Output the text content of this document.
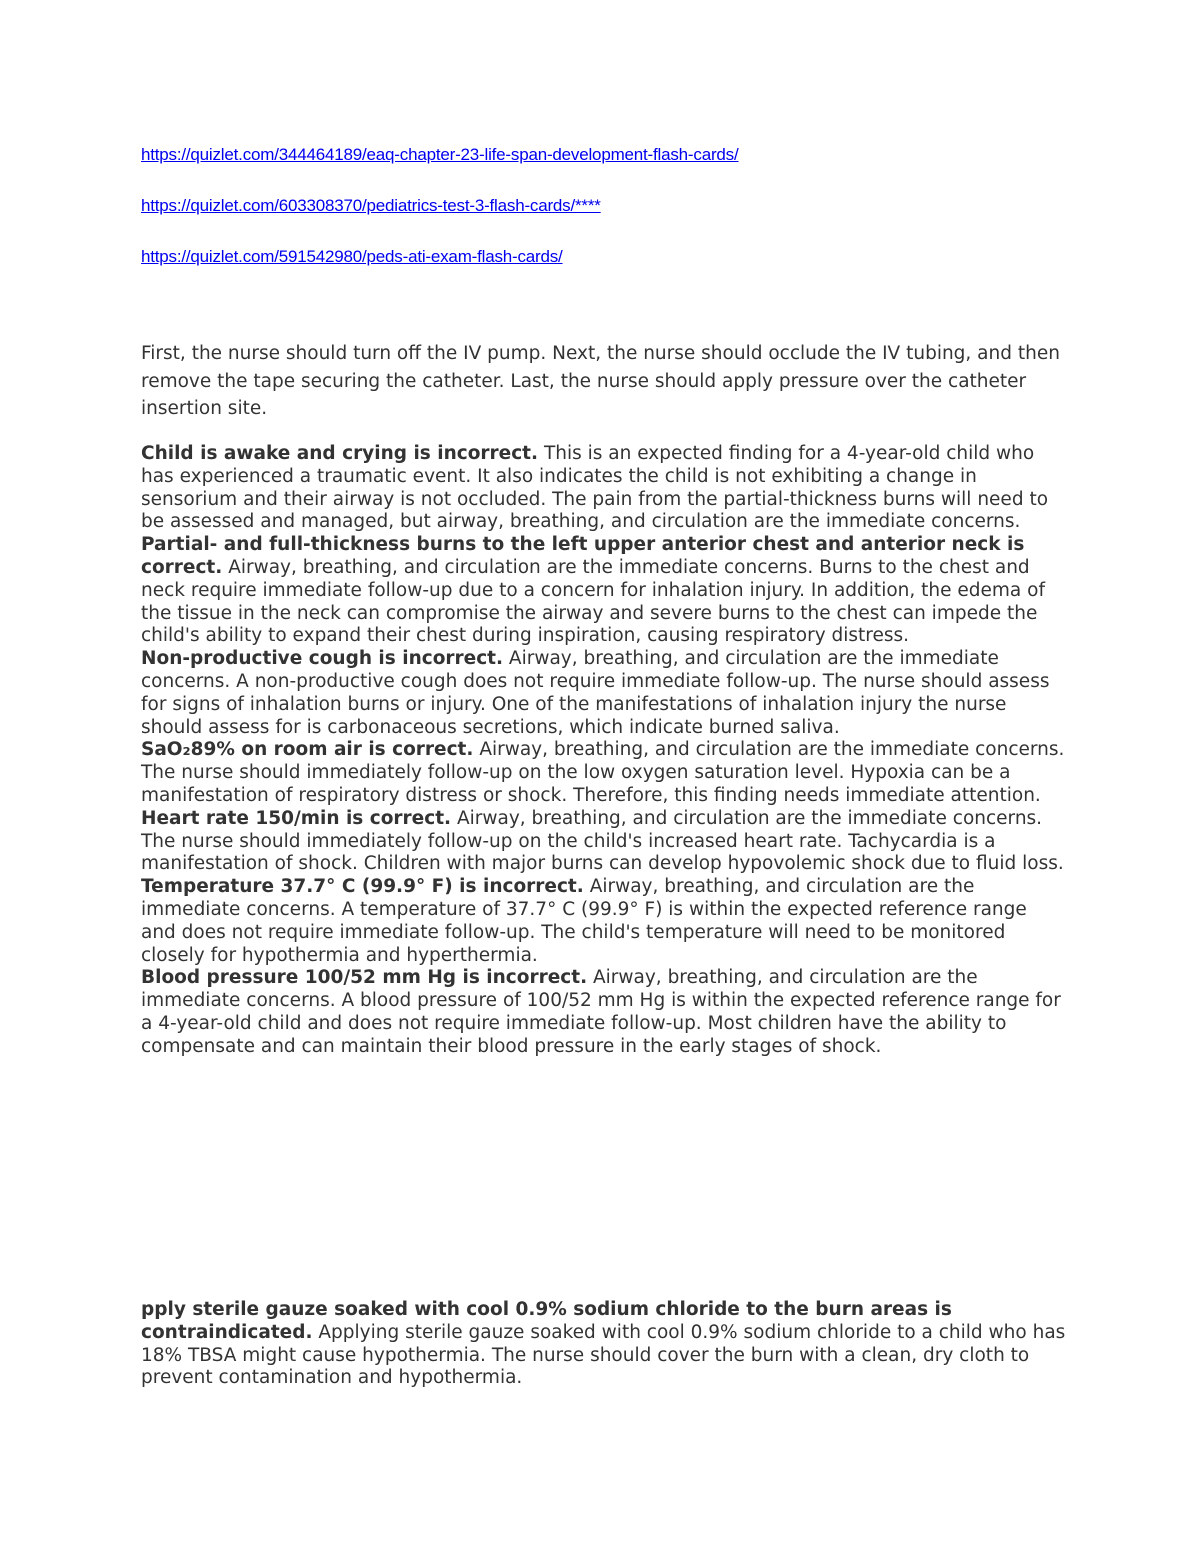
https://quizlet.com/344464189/eaq-chapter-23-life-span-development-flash-cards/
https://quizlet.com/603308370/pediatrics-test-3-flash-cards/****
https://quizlet.com/591542980/peds-ati-exam-flash-cards/

First, the nurse should turn off the IV pump. Next, the nurse should occlude the IV tubing, and then remove the tape securing the catheter. Last, the nurse should apply pressure over the catheter insertion site.

Child is awake and crying is incorrect. This is an expected finding for a 4-year-old child who has experienced a traumatic event. It also indicates the child is not exhibiting a change in sensorium and their airway is not occluded. The pain from the partial-thickness burns will need to be assessed and managed, but airway, breathing, and circulation are the immediate concerns.

Partial- and full-thickness burns to the left upper anterior chest and anterior neck is correct. Airway, breathing, and circulation are the immediate concerns. Burns to the chest and neck require immediate follow-up due to a concern for inhalation injury. In addition, the edema of the tissue in the neck can compromise the airway and severe burns to the chest can impede the child's ability to expand their chest during inspiration, causing respiratory distress.

Non-productive cough is incorrect. Airway, breathing, and circulation are the immediate concerns. A non-productive cough does not require immediate follow-up. The nurse should assess for signs of inhalation burns or injury. One of the manifestations of inhalation injury the nurse should assess for is carbonaceous secretions, which indicate burned saliva.

SaO₂89% on room air is correct. Airway, breathing, and circulation are the immediate concerns. The nurse should immediately follow-up on the low oxygen saturation level. Hypoxia can be a manifestation of respiratory distress or shock. Therefore, this finding needs immediate attention.

Heart rate 150/min is correct. Airway, breathing, and circulation are the immediate concerns. The nurse should immediately follow-up on the child's increased heart rate. Tachycardia is a manifestation of shock. Children with major burns can develop hypovolemic shock due to fluid loss.

Temperature 37.7° C (99.9° F) is incorrect. Airway, breathing, and circulation are the immediate concerns. A temperature of 37.7° C (99.9° F) is within the expected reference range and does not require immediate follow-up. The child's temperature will need to be monitored closely for hypothermia and hyperthermia.

Blood pressure 100/52 mm Hg is incorrect. Airway, breathing, and circulation are the immediate concerns. A blood pressure of 100/52 mm Hg is within the expected reference range for a 4-year-old child and does not require immediate follow-up. Most children have the ability to compensate and can maintain their blood pressure in the early stages of shock.

pply sterile gauze soaked with cool 0.9% sodium chloride to the burn areas is contraindicated. Applying sterile gauze soaked with cool 0.9% sodium chloride to a child who has 18% TBSA might cause hypothermia. The nurse should cover the burn with a clean, dry cloth to prevent contamination and hypothermia.
